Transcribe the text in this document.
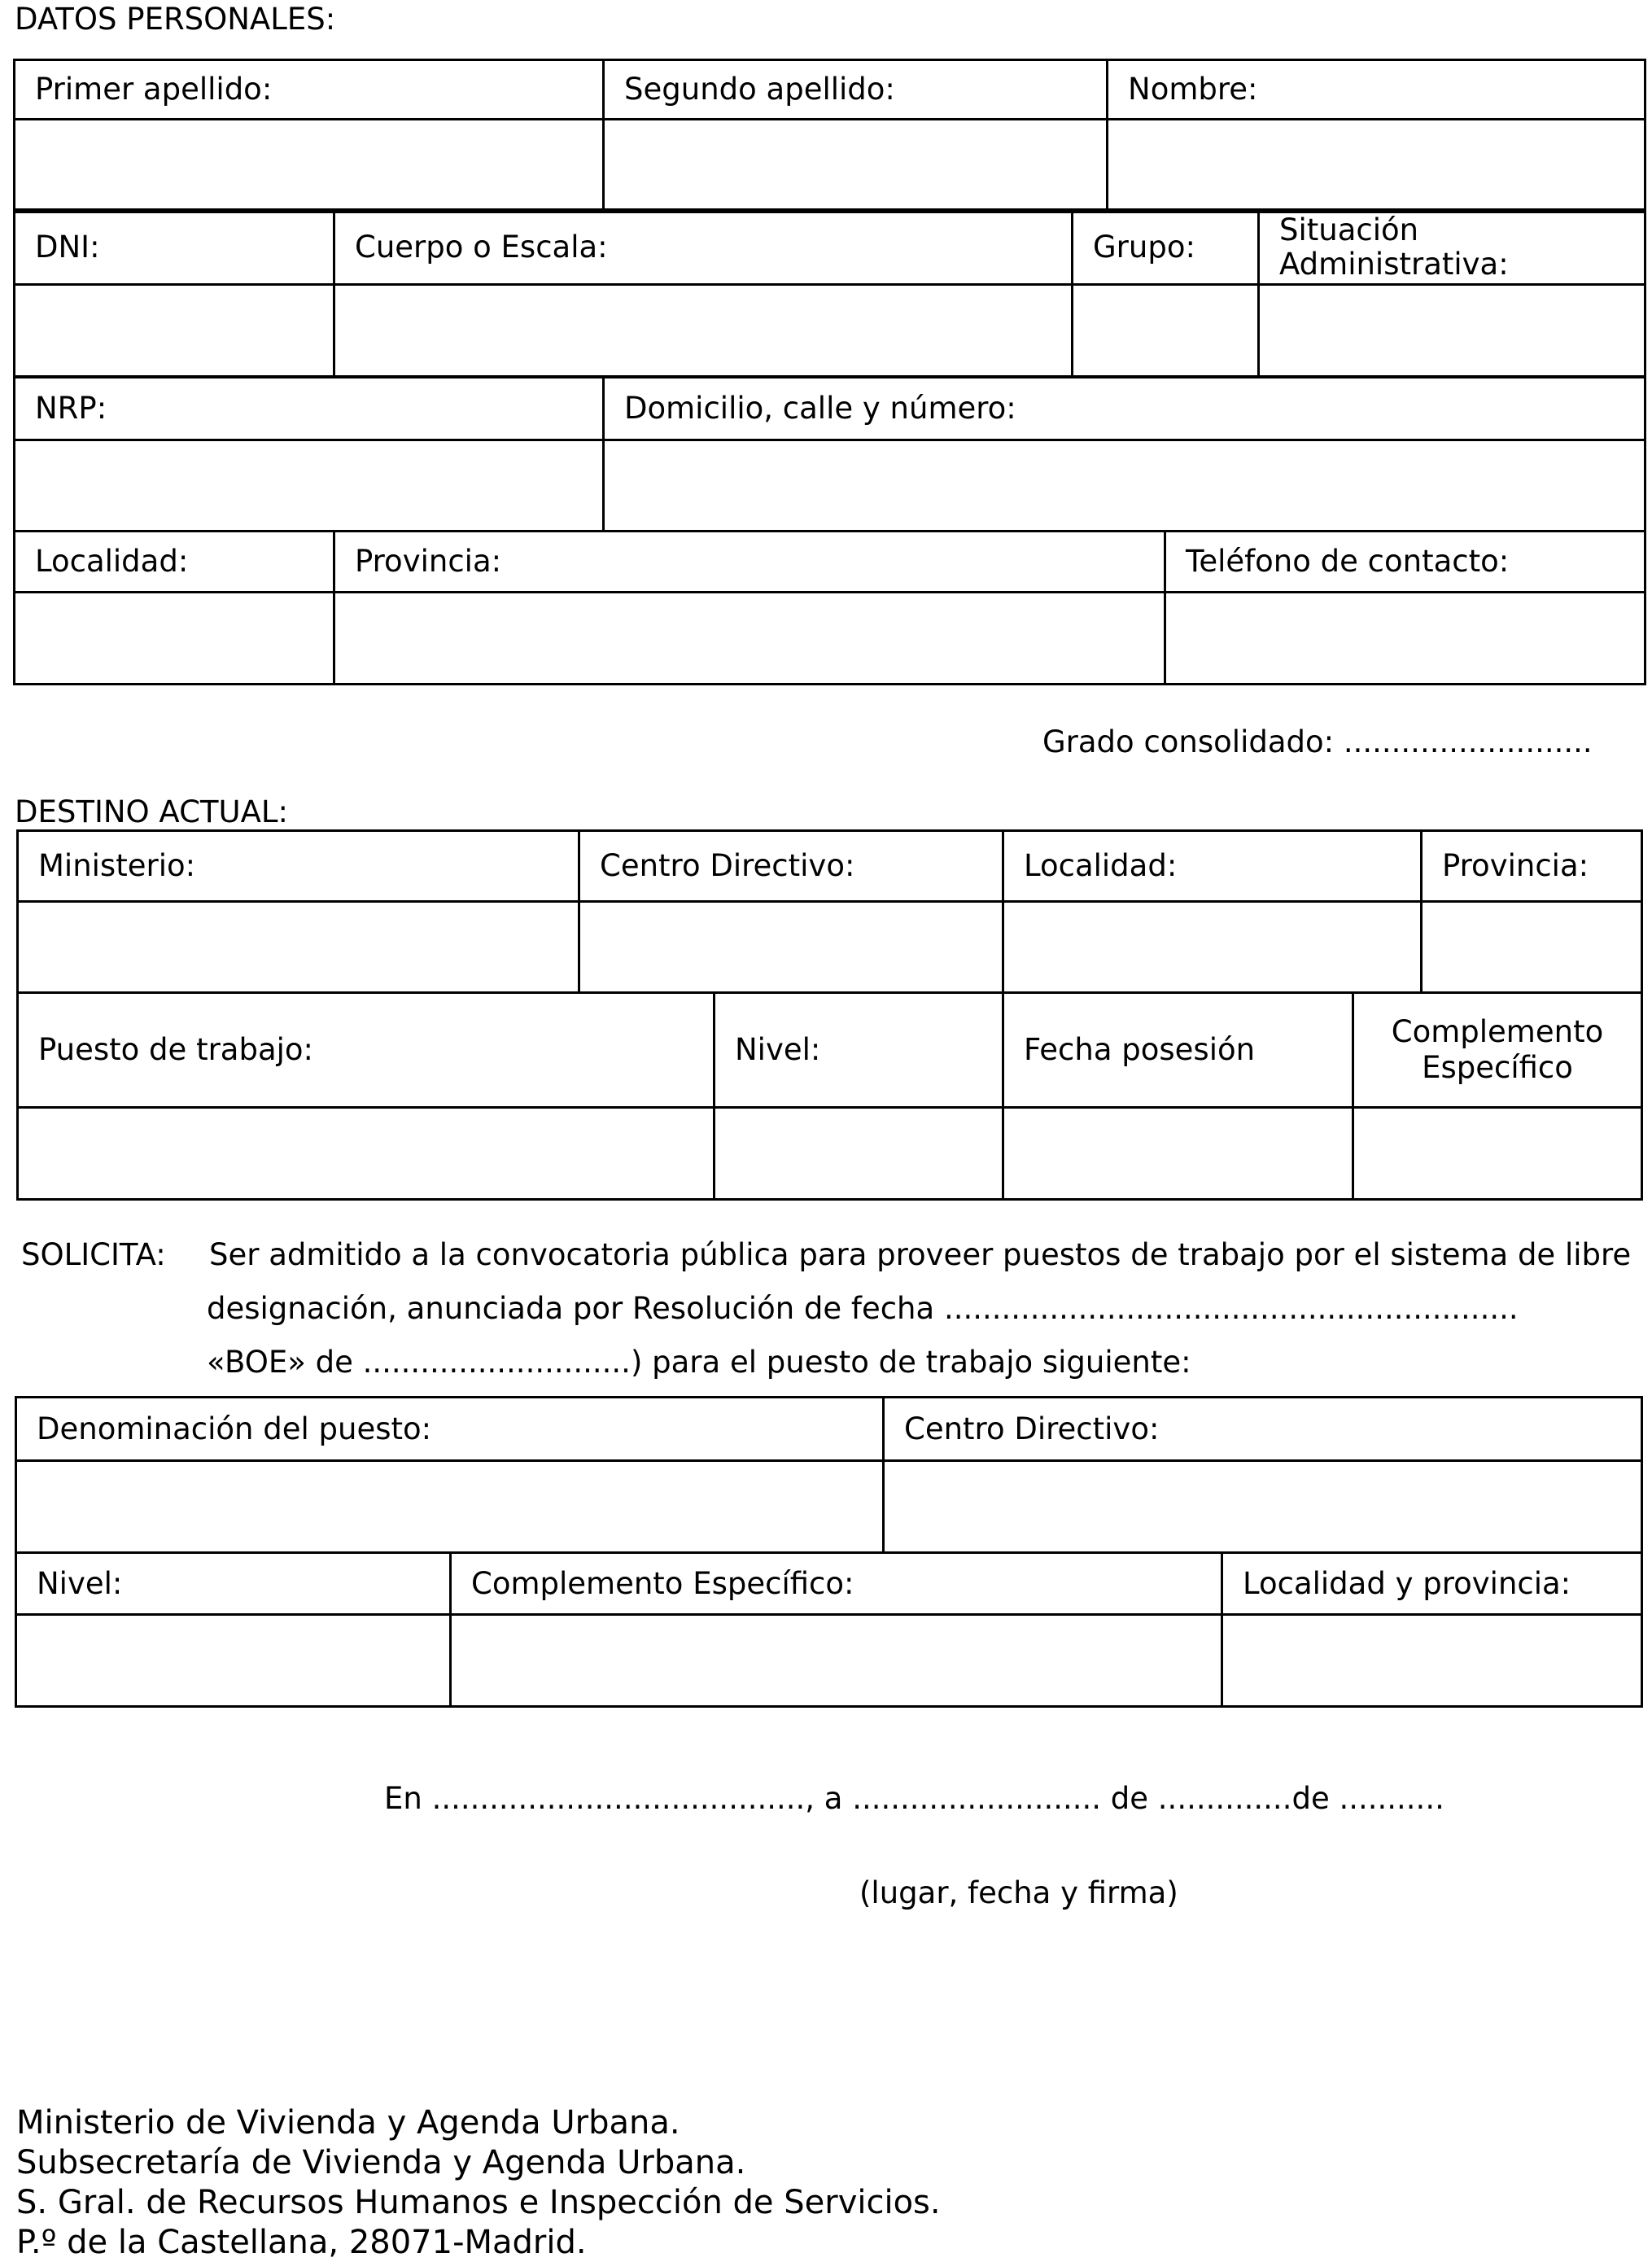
DATOS PERSONALES:
Primer apellido:	Segundo apellido:	Nombre:

DNI:	Cuerpo o Escala:	Grupo:	Situación
Administrativa:

NRP:	Domicilio, calle y número:

Localidad:	Provincia:	Teléfono de contacto:

Grado consolidado: ..........................
DESTINO ACTUAL:
Ministerio:	Centro Directivo:	Localidad:	Provincia:

Puesto de trabajo:	Nivel:	Fecha posesión	Complemento
Específico

SOLICITA: Ser admitido a la convocatoria pública para proveer puestos de trabajo por el sistema de libre
designación, anunciada por Resolución de fecha ............................................................
«BOE» de ............................) para el puesto de trabajo siguiente:
Denominación del puesto:	Centro Directivo:

Nivel:	Complemento Específico:	Localidad y provincia:

En ......................................., a .......................... de ..............de ...........
(lugar, fecha y firma)
Ministerio de Vivienda y Agenda Urbana.
Subsecretaría de Vivienda y Agenda Urbana.
S. Gral. de Recursos Humanos e Inspección de Servicios.
P.º de la Castellana, 28071-Madrid.
